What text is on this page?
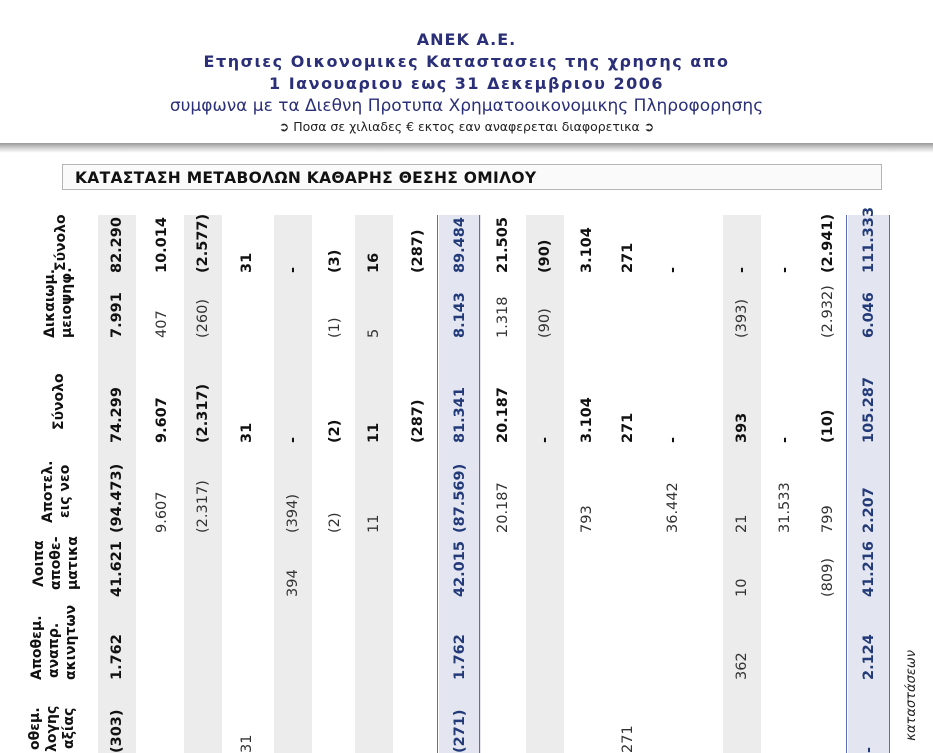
ANEK A.E.
Ετησιες Οικονομικες Καταστασεις της χρησης απο
1 Ιανουαριου εως 31 Δεκεμβριου 2006
συμφωνα με τα Διεθνη Προτυπα Χρηματοοικονομικης Πληροφορησης
➲ Ποσα σε χιλιαδες € εκτος εαν αναφερεται διαφορετικα ➲
ΚΑΤΑΣΤΑΣΗ ΜΕΤΑΒΟΛΩΝ ΚΑΘΑΡΗΣ ΘΕΣΗΣ ΟΜΙΛΟΥ
Σύνολο
Δικαιωμ.
μειοψηφ.
Σύνολο
Αποτελ.
εις νεο
Λοιπα
αποθε-
ματικα
Αποθεμ.
αναπρ.
ακινητων
οθεμ.
λογης
αξίας
82.290
7.991
74.299
(94.473)
41.621
1.762
(303)
10.014
407
9.607
9.607
(2.577)
(260)
(2.317)
(2.317)
31
31
31
-
-
(394)
394
(3)
(1)
(2)
(2)
16
5
11
11
(287)
(287)
89.484
8.143
81.341
(87.569)
42.015
1.762
(271)
21.505
1.318
20.187
20.187
(90)
(90)
-
3.104
3.104
793
271
271
271
-
-
36.442
-
(393)
393
21
10
362
-
-
31.533
(2.941)
(2.932)
(10)
799
(809)
111.333
6.046
105.287
2.207
41.216
2.124
-
καταστάσεων
